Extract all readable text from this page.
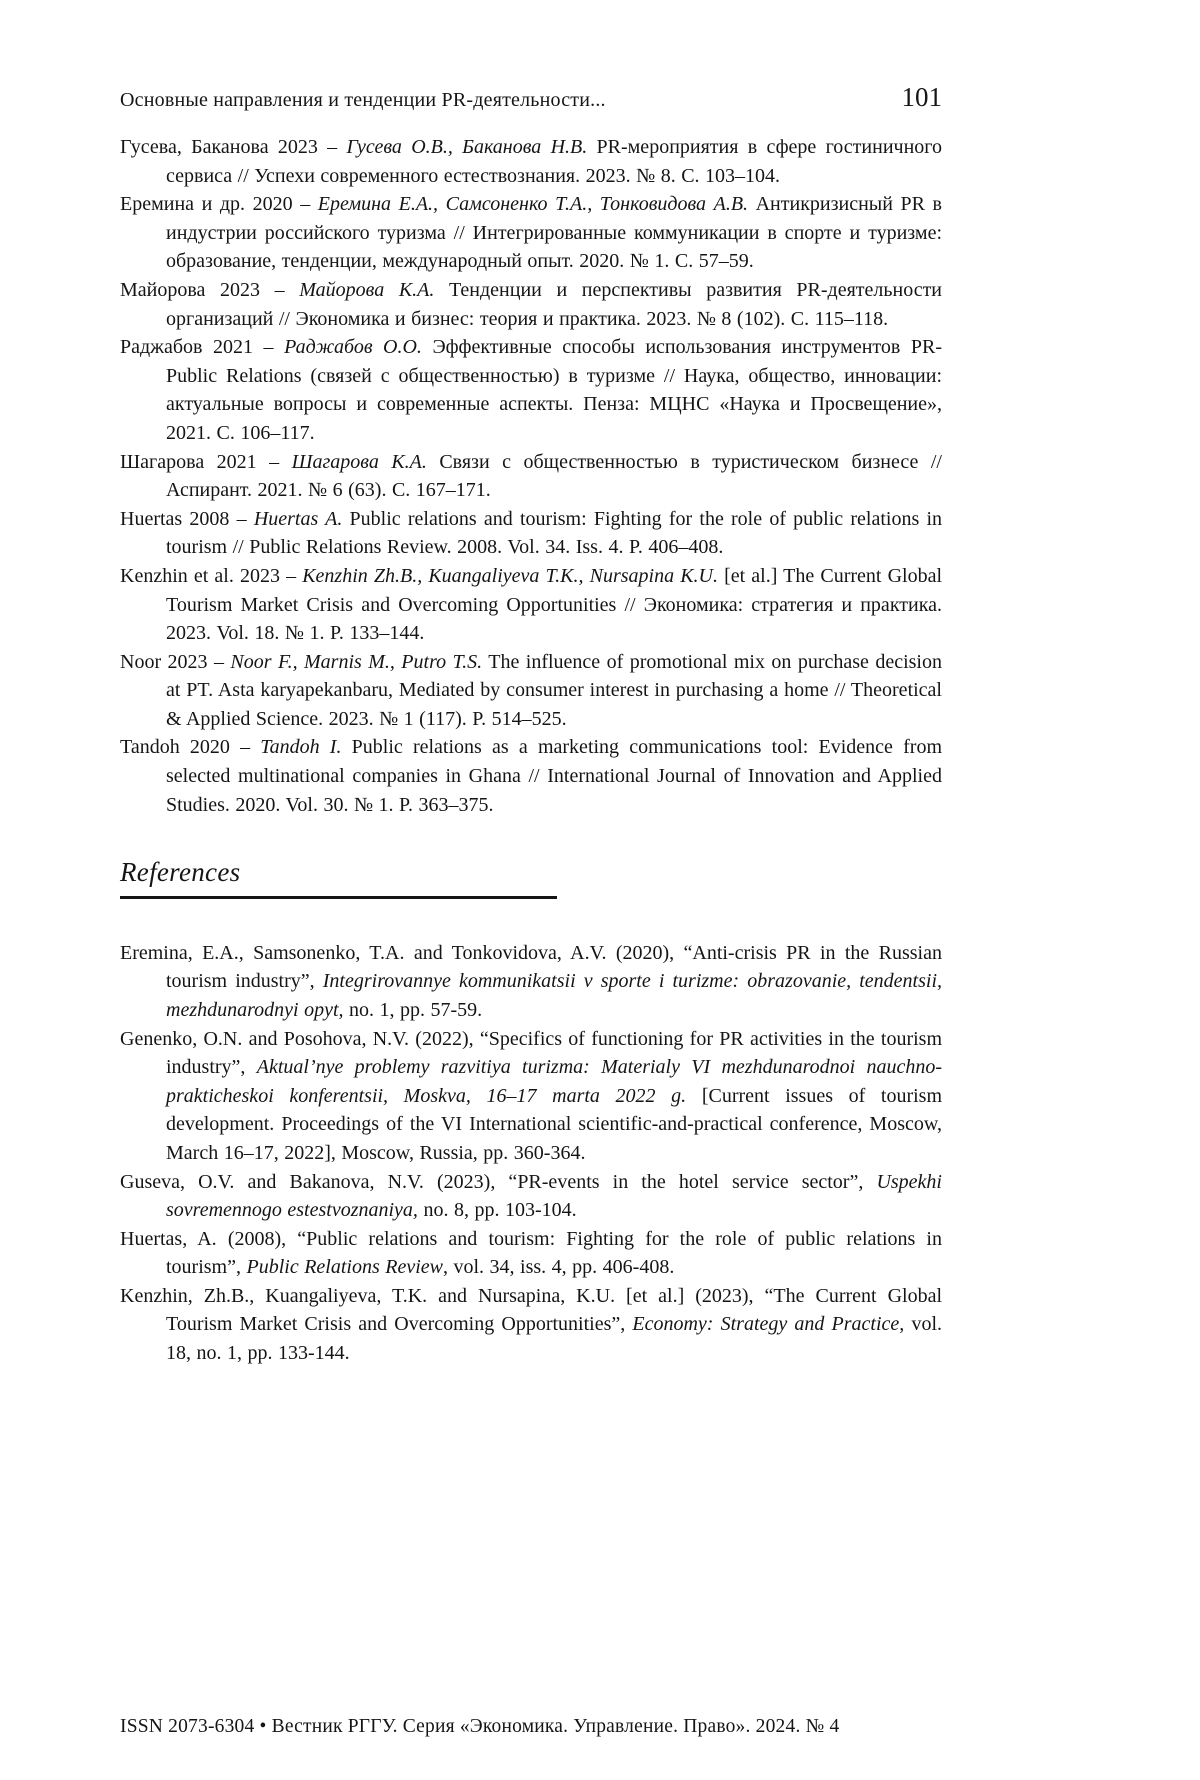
Основные направления и тенденции PR-деятельности...	101

Гусева, Баканова 2023 – Гусева О.В., Баканова Н.В. PR-мероприятия в сфере гостиничного сервиса // Успехи современного естествознания. 2023. № 8. С. 103–104.

Еремина и др. 2020 – Еремина Е.А., Самсоненко Т.А., Тонковидова А.В. Антикризисный PR в индустрии российского туризма // Интегрированные коммуникации в спорте и туризме: образование, тенденции, международный опыт. 2020. № 1. С. 57–59.

Майорова 2023 – Майорова К.А. Тенденции и перспективы развития PR-деятельности организаций // Экономика и бизнес: теория и практика. 2023. № 8 (102). С. 115–118.

Раджабов 2021 – Раджабов О.О. Эффективные способы использования инструментов PR-Public Relations (связей с общественностью) в туризме // Наука, общество, инновации: актуальные вопросы и современные аспекты. Пенза: МЦНС «Наука и Просвещение», 2021. С. 106–117.

Шагарова 2021 – Шагарова К.А. Связи с общественностью в туристическом бизнесе // Аспирант. 2021. № 6 (63). С. 167–171.

Huertas 2008 – Huertas A. Public relations and tourism: Fighting for the role of public relations in tourism // Public Relations Review. 2008. Vol. 34. Iss. 4. P. 406–408.

Kenzhin et al. 2023 – Kenzhin Zh.B., Kuangaliyeva T.K., Nursapina K.U. [et al.] The Current Global Tourism Market Crisis and Overcoming Opportunities // Экономика: стратегия и практика. 2023. Vol. 18. № 1. P. 133–144.

Noor 2023 – Noor F., Marnis M., Putro T.S. The influence of promotional mix on purchase decision at PT. Asta karyapekanbaru, Mediated by consumer interest in purchasing a home // Theoretical & Applied Science. 2023. № 1 (117). P. 514–525.

Tandoh 2020 – Tandoh I. Public relations as a marketing communications tool: Evidence from selected multinational companies in Ghana // International Journal of Innovation and Applied Studies. 2020. Vol. 30. № 1. P. 363–375.

References

Eremina, E.A., Samsonenko, T.A. and Tonkovidova, A.V. (2020), “Anti-crisis PR in the Russian tourism industry”, Integrirovannye kommunikatsii v sporte i turizme: obrazovanie, tendentsii, mezhdunarodnyi opyt, no. 1, pp. 57-59.

Genenko, O.N. and Posohova, N.V. (2022), “Specifics of functioning for PR activities in the tourism industry”, Aktual’nye problemy razvitiya turizma: Materialy VI mezhdunarodnoi nauchno-prakticheskoi konferentsii, Moskva, 16–17 marta 2022 g. [Current issues of tourism development. Proceedings of the VI International scientific-and-practical conference, Moscow, March 16–17, 2022], Moscow, Russia, pp. 360-364.

Guseva, O.V. and Bakanova, N.V. (2023), “PR-events in the hotel service sector”, Uspekhi sovremennogo estestvoznaniya, no. 8, pp. 103-104.

Huertas, A. (2008), “Public relations and tourism: Fighting for the role of public relations in tourism”, Public Relations Review, vol. 34, iss. 4, pp. 406-408.

Kenzhin, Zh.B., Kuangaliyeva, T.K. and Nursapina, K.U. [et al.] (2023), “The Current Global Tourism Market Crisis and Overcoming Opportunities”, Economy: Strategy and Practice, vol. 18, no. 1, pp. 133-144.

ISSN 2073-6304 • Вестник РГГУ. Серия «Экономика. Управление. Право». 2024. № 4
